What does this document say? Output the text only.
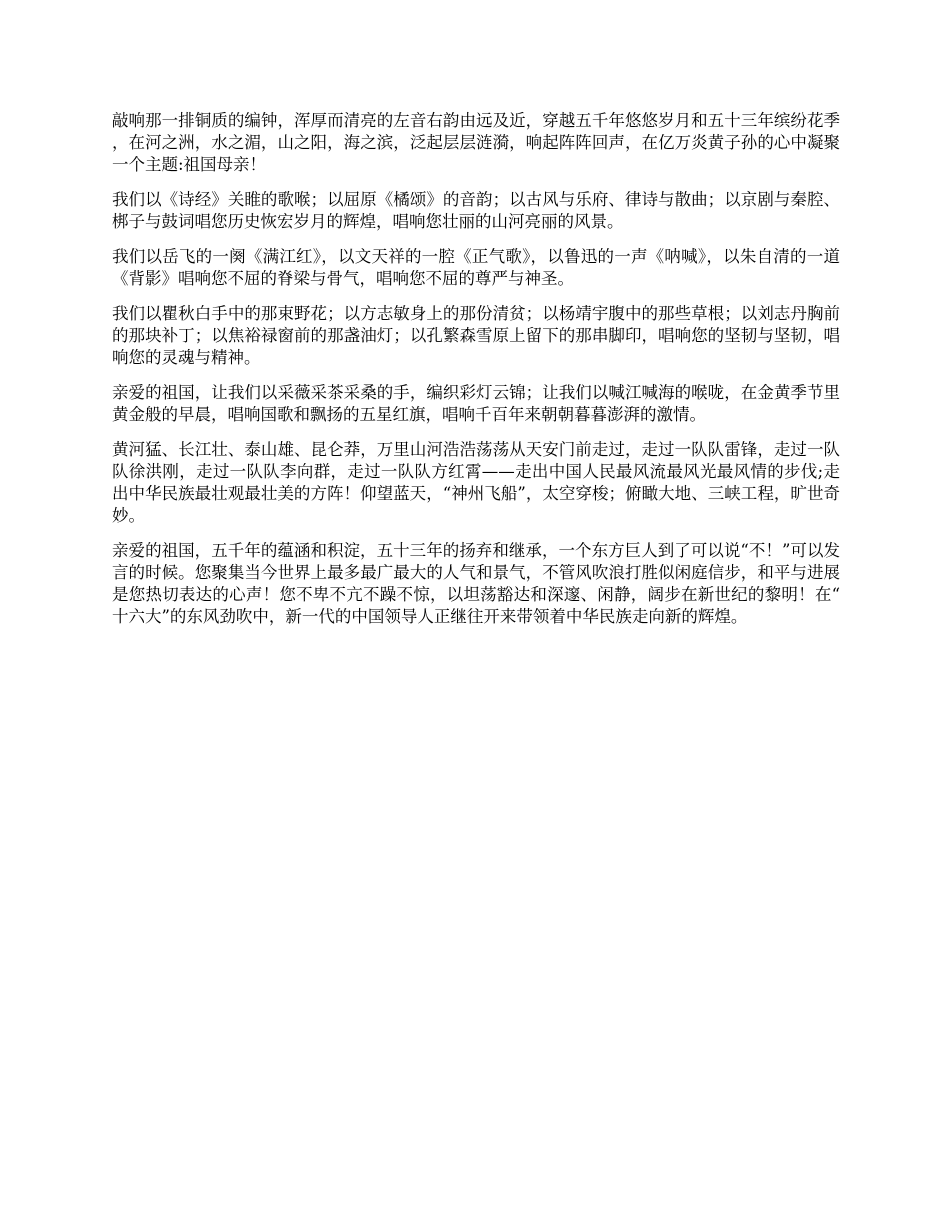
敲响那一排铜质的编钟，浑厚而清亮的左音右韵由远及近，穿越五千年悠悠岁月和五十三年缤纷花季，在河之洲，水之湄，山之阳，海之滨，泛起层层涟漪，响起阵阵回声，在亿万炎黄子孙的心中凝聚一个主题:祖国母亲！

我们以《诗经》关睢的歌喉；以屈原《橘颂》的音韵；以古风与乐府、律诗与散曲；以京剧与秦腔、梆子与鼓词唱您历史恢宏岁月的辉煌，唱响您壮丽的山河亮丽的风景。

我们以岳飞的一阕《满江红》，以文天祥的一腔《正气歌》，以鲁迅的一声《呐喊》，以朱自清的一道《背影》唱响您不屈的脊梁与骨气，唱响您不屈的尊严与神圣。

我们以瞿秋白手中的那束野花；以方志敏身上的那份清贫；以杨靖宇腹中的那些草根；以刘志丹胸前的那块补丁；以焦裕禄窗前的那盏油灯；以孔繁森雪原上留下的那串脚印，唱响您的坚韧与坚韧，唱响您的灵魂与精神。

亲爱的祖国，让我们以采薇采茶采桑的手，编织彩灯云锦；让我们以喊江喊海的喉咙，在金黄季节里黄金般的早晨，唱响国歌和飘扬的五星红旗，唱响千百年来朝朝暮暮澎湃的激情。

黄河猛、长江壮、泰山雄、昆仑莽，万里山河浩浩荡荡从天安门前走过，走过一队队雷锋，走过一队队徐洪刚，走过一队队李向群，走过一队队方红霄——走出中国人民最风流最风光最风情的步伐;走出中华民族最壮观最壮美的方阵！仰望蓝天，“神州飞船”，太空穿梭；俯瞰大地、三峡工程，旷世奇妙。

亲爱的祖国，五千年的蕴涵和积淀，五十三年的扬弃和继承，一个东方巨人到了可以说“不！”可以发言的时候。您聚集当今世界上最多最广最大的人气和景气，不管风吹浪打胜似闲庭信步，和平与进展是您热切表达的心声！您不卑不亢不躁不惊，以坦荡豁达和深邃、闲静，阔步在新世纪的黎明！在“十六大”的东风劲吹中，新一代的中国领导人正继往开来带领着中华民族走向新的辉煌。
